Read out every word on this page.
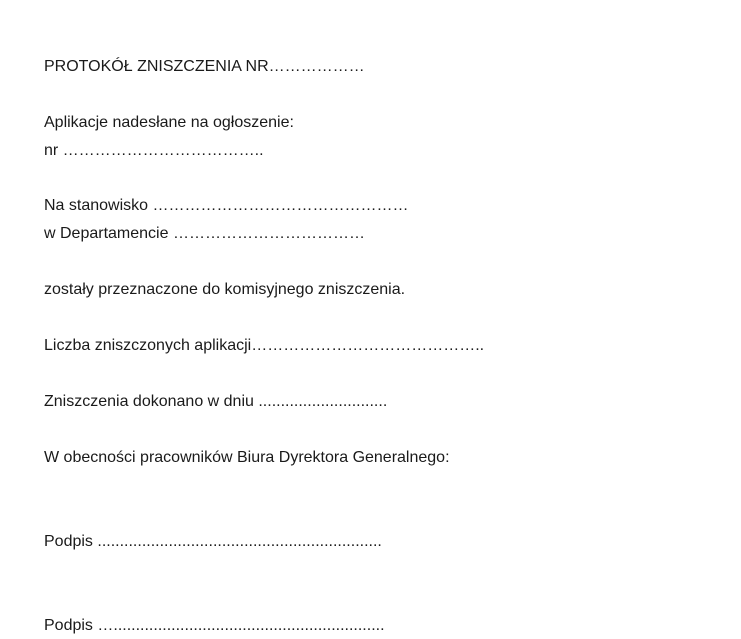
PROTOKÓŁ ZNISZCZENIA NR………………
Aplikacje nadesłane na ogłoszenie:
nr ………………………………..
Na stanowisko …………………………………………
w Departamencie ………………………………
zostały przeznaczone do komisyjnego zniszczenia.
Liczba zniszczonych aplikacji……………………………………..
Zniszczenia dokonano w dniu .............................
W obecności pracowników Biura Dyrektora Generalnego:
Podpis ................................................................
Podpis ….............................................................
